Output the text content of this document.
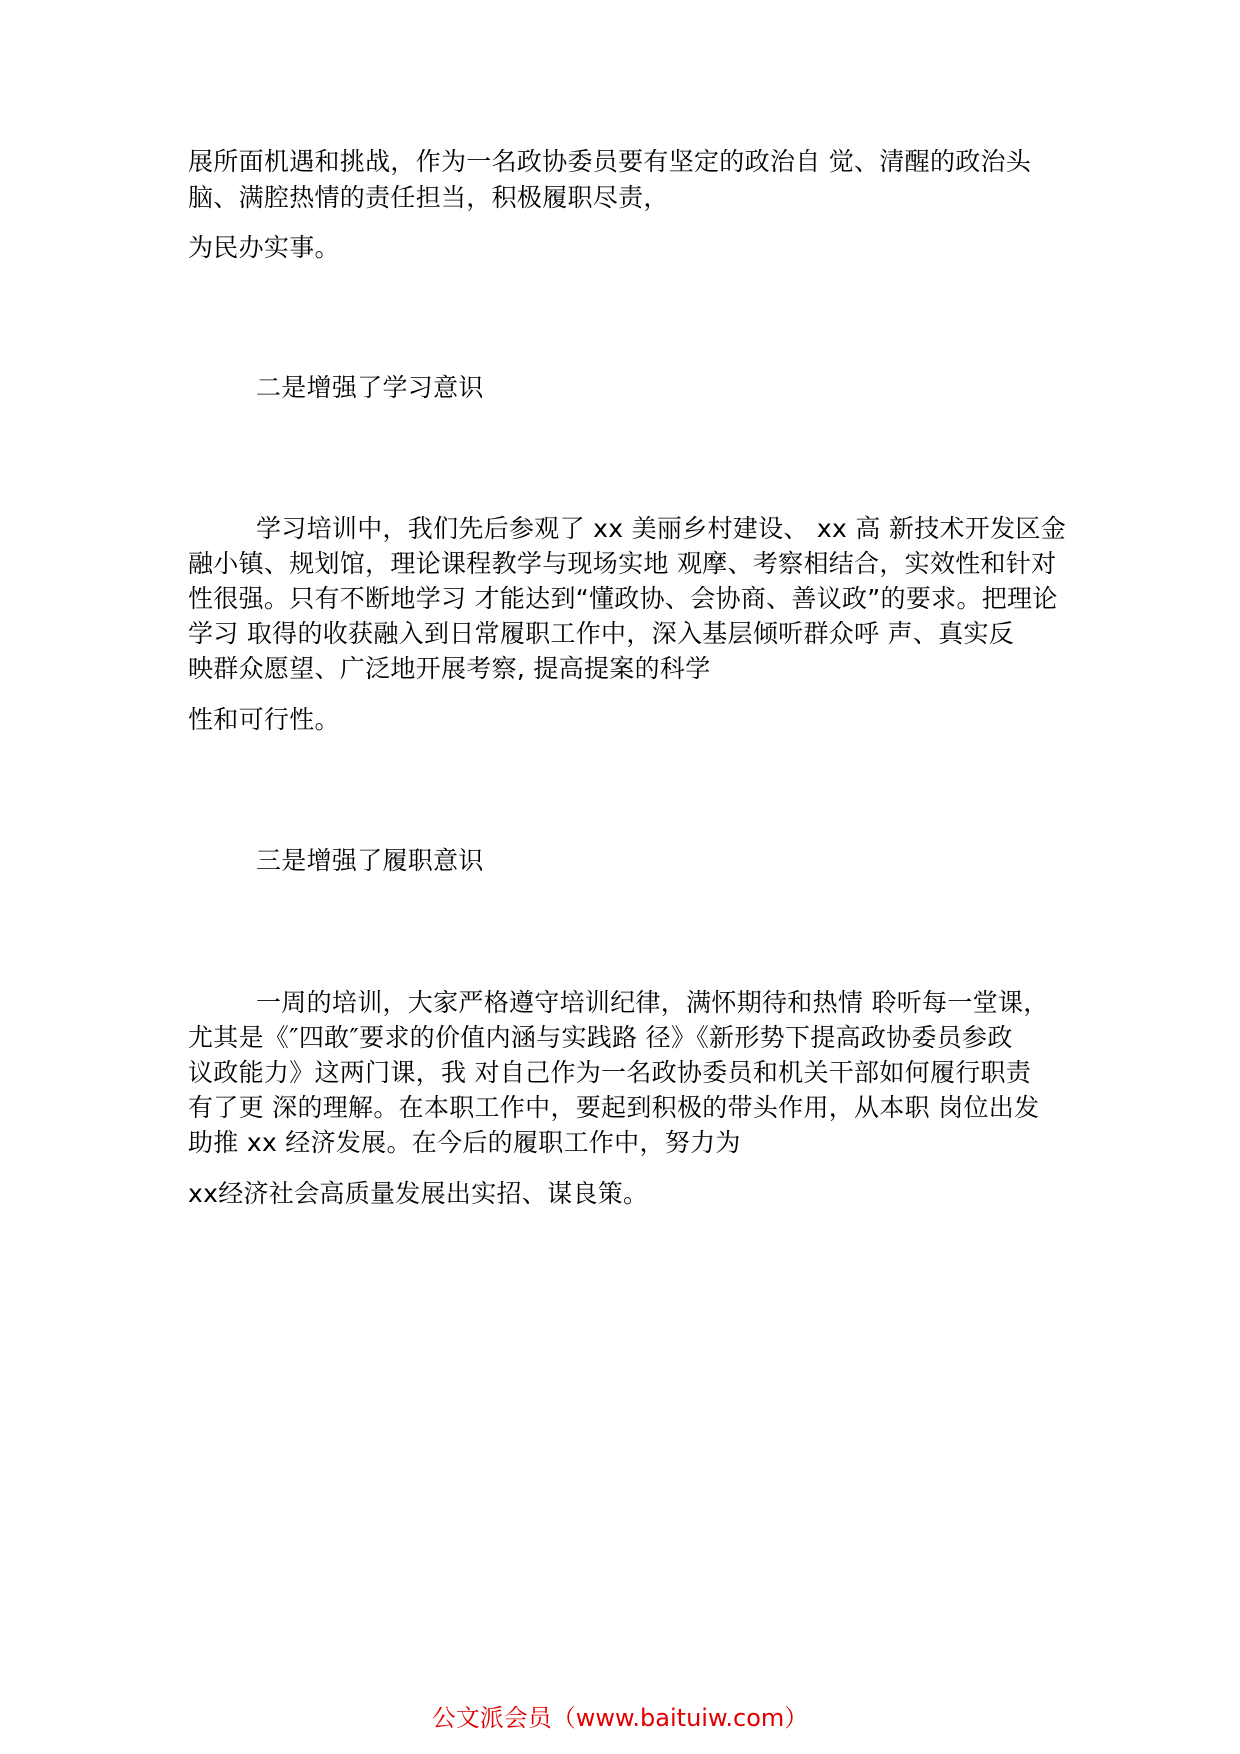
展所面机遇和挑战，作为一名政协委员要有坚定的政治自 觉、清醒的政治头
脑、满腔热情的责任担当，积极履职尽责，
为民办实事。
二是增强了学习意识
学习培训中，我们先后参观了 xx 美丽乡村建设、 xx 高 新技术开发区金
融小镇、规划馆，理论课程教学与现场实地 观摩、考察相结合，实效性和针对
性很强。只有不断地学习 才能达到“懂政协、会协商、善议政”的要求。把理论
学习 取得的收获融入到日常履职工作中，深入基层倾听群众呼 声、真实反
映群众愿望、广泛地开展考察, 提高提案的科学
性和可行性。
三是增强了履职意识
一周的培训，大家严格遵守培训纪律，满怀期待和热情 聆听每一堂课，
尤其是《″四敢″要求的价值内涵与实践路 径》《新形势下提高政协委员参政
议政能力》这两门课，我 对自己作为一名政协委员和机关干部如何履行职责
有了更 深的理解。在本职工作中，要起到积极的带头作用，从本职 岗位出发
助推 xx 经济发展。在今后的履职工作中，努力为
xx经济社会高质量发展出实招、谋良策。
公文派会员（www.baituiw.com）
